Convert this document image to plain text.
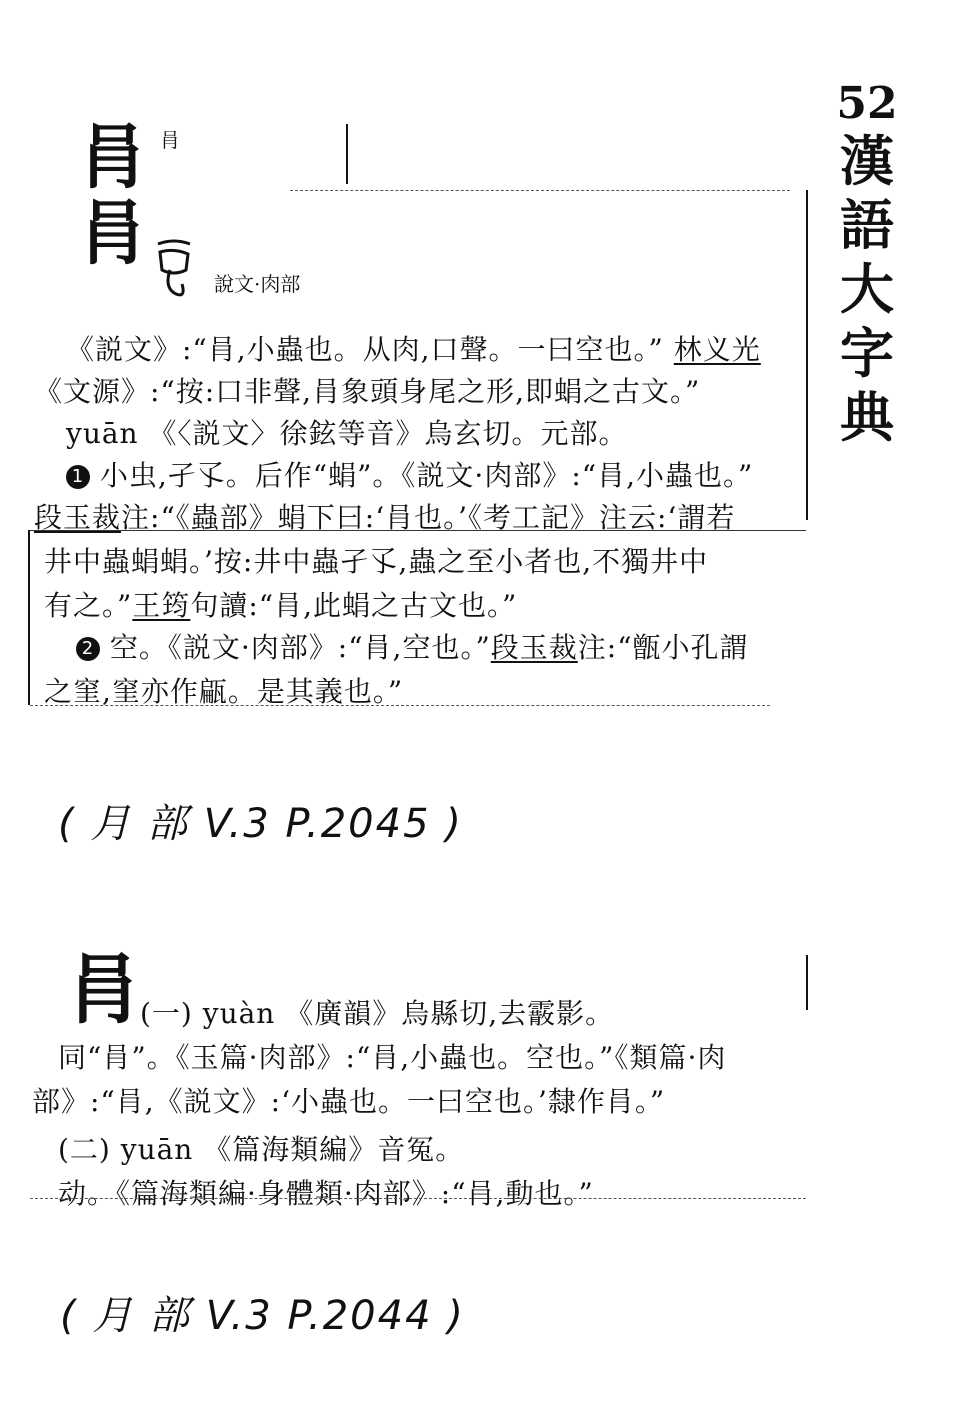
52
漢
語
大
字
典
肙
肙
肙
說文·肉部
《説文》:“肙,小蟲也。从肉,口聲。一曰空也。” 林义光
《文源》:“按:口非聲,肙象頭身尾之形,即蜎之古文。”
yuān 《〈説文〉徐鉉等音》烏玄切。元部。
1 小虫,孑孓。后作“蜎”。《説文·肉部》:“肙,小蟲也。”
段玉裁注:“《蟲部》蜎下曰:‘肙也。’《考工記》注云:‘謂若
井中蟲蜎蜎。’按:井中蟲孑孓,蟲之至小者也,不獨井中
有之。”王筠句讀:“肙,此蜎之古文也。”
2 空。《説文·肉部》:“肙,空也。”段玉裁注:“甑小孔謂
之窐,窐亦作甂。是其義也。”
( 月 部 V.3 P.2045 )
肙
(一) yuàn 《廣韻》烏縣切,去霰影。
同“肙”。《玉篇·肉部》:“肙,小蟲也。空也。”《類篇·肉
部》:“肙,《説文》:‘小蟲也。一曰空也。’隸作肙。”
(二) yuān 《篇海類編》音冤。
动。《篇海類編·身體類·肉部》:“肙,動也。”
( 月 部 V.3 P.2044 )
